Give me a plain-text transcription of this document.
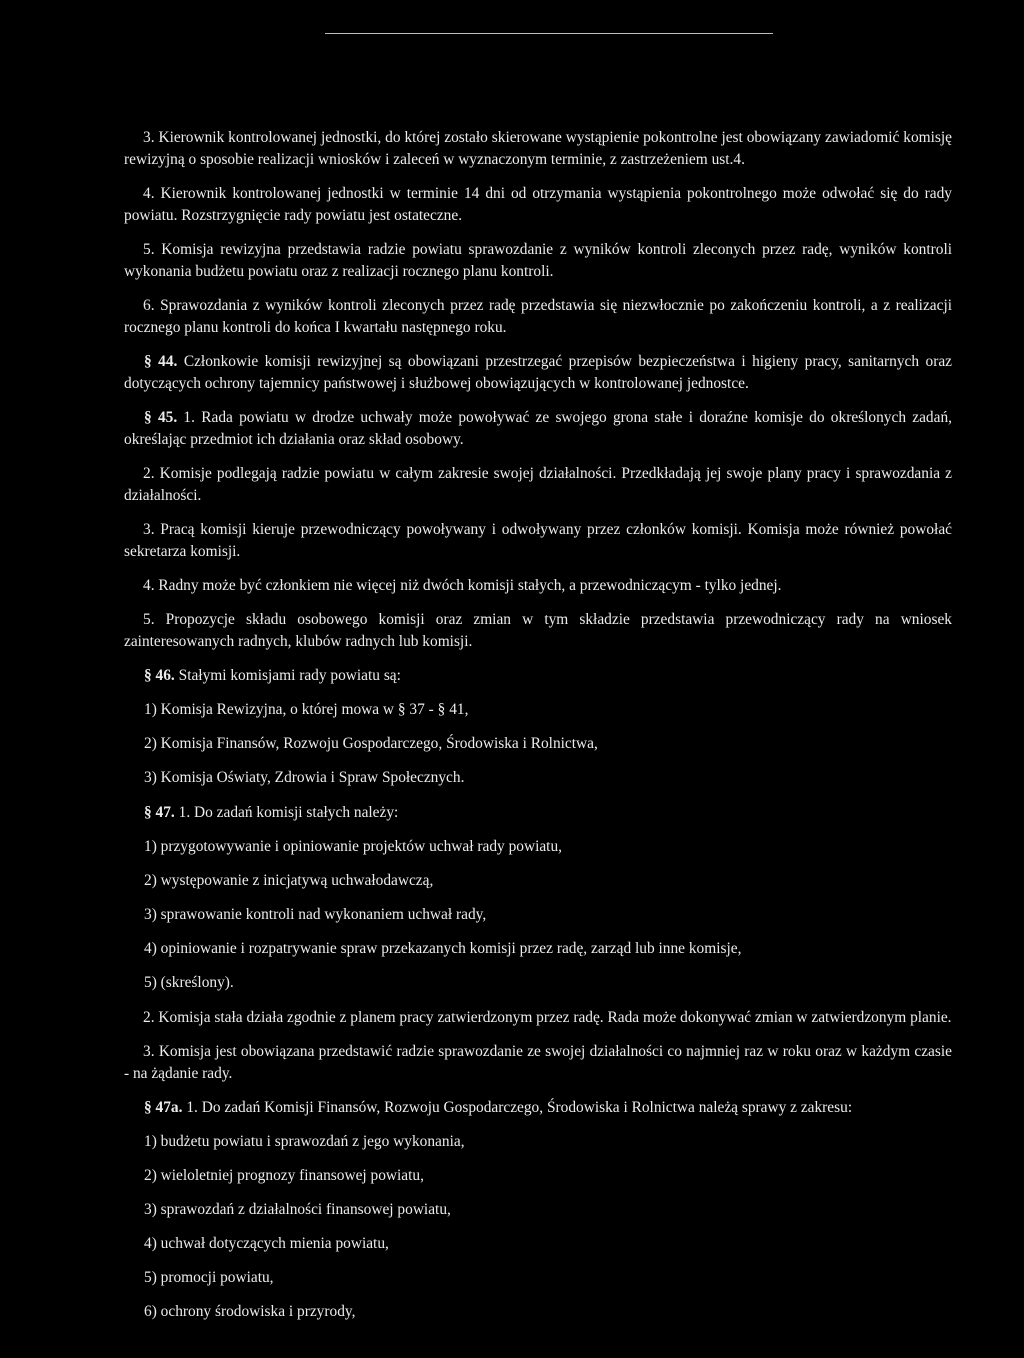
3. Kierownik kontrolowanej jednostki, do której zostało skierowane wystąpienie pokontrolne jest obowiązany zawiadomić komisję rewizyjną o sposobie realizacji wniosków i zaleceń w wyznaczonym terminie, z zastrzeżeniem ust.4.

4. Kierownik kontrolowanej jednostki w terminie 14 dni od otrzymania wystąpienia pokontrolnego może odwołać się do rady powiatu. Rozstrzygnięcie rady powiatu jest ostateczne.

5. Komisja rewizyjna przedstawia radzie powiatu sprawozdanie z wyników kontroli zleconych przez radę, wyników kontroli wykonania budżetu powiatu oraz z realizacji rocznego planu kontroli.

6. Sprawozdania z wyników kontroli zleconych przez radę przedstawia się niezwłocznie po zakończeniu kontroli, a z realizacji rocznego planu kontroli do końca I kwartału następnego roku.

§ 44. Członkowie komisji rewizyjnej są obowiązani przestrzegać przepisów bezpieczeństwa i higieny pracy, sanitarnych oraz dotyczących ochrony tajemnicy państwowej i służbowej obowiązujących w kontrolowanej jednostce.

§ 45. 1. Rada powiatu w drodze uchwały może powoływać ze swojego grona stałe i doraźne komisje do określonych zadań, określając przedmiot ich działania oraz skład osobowy.

2. Komisje podlegają radzie powiatu w całym zakresie swojej działalności. Przedkładają jej swoje plany pracy i sprawozdania z działalności.

3. Pracą komisji kieruje przewodniczący powoływany i odwoływany przez członków komisji. Komisja może również powołać sekretarza komisji.

4. Radny może być członkiem nie więcej niż dwóch komisji stałych, a przewodniczącym - tylko jednej.

5. Propozycje składu osobowego komisji oraz zmian w tym składzie przedstawia przewodniczący rady na wniosek zainteresowanych radnych, klubów radnych lub komisji.

§ 46. Stałymi komisjami rady powiatu są:

1) Komisja Rewizyjna, o której mowa w § 37 - § 41,
2) Komisja Finansów, Rozwoju Gospodarczego, Środowiska i Rolnictwa,
3) Komisja Oświaty, Zdrowia i Spraw Społecznych.

§ 47. 1. Do zadań komisji stałych należy:

1) przygotowywanie i opiniowanie projektów uchwał rady powiatu,
2) występowanie z inicjatywą uchwałodawczą,
3) sprawowanie kontroli nad wykonaniem uchwał rady,
4) opiniowanie i rozpatrywanie spraw przekazanych komisji przez radę, zarząd lub inne komisje,
5) (skreślony).

2. Komisja stała działa zgodnie z planem pracy zatwierdzonym przez radę. Rada może dokonywać zmian w zatwierdzonym planie.

3. Komisja jest obowiązana przedstawić radzie sprawozdanie ze swojej działalności co najmniej raz w roku oraz w każdym czasie - na żądanie rady.

§ 47a. 1. Do zadań Komisji Finansów, Rozwoju Gospodarczego, Środowiska i Rolnictwa należą sprawy z zakresu:

1) budżetu powiatu i sprawozdań z jego wykonania,
2) wieloletniej prognozy finansowej powiatu,
3) sprawozdań z działalności finansowej powiatu,
4) uchwał dotyczących mienia powiatu,
5) promocji powiatu,
6) ochrony środowiska i przyrody,
